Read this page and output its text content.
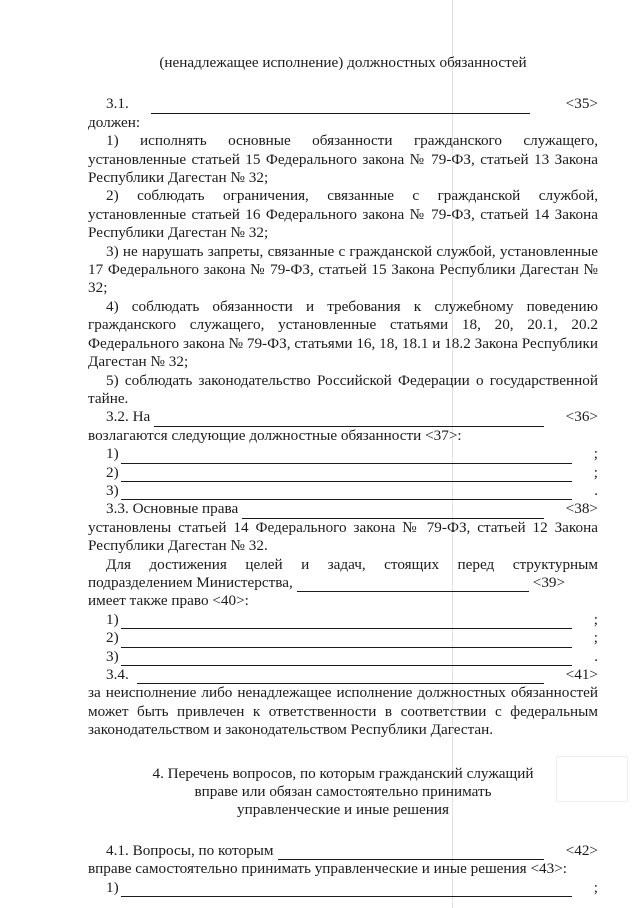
(ненадлежащее исполнение) должностных обязанностей

3.1.	<35>

должен:

1) исполнять основные обязанности гражданского служащего, установленные статьей 15 Федерального закона № 79-ФЗ, статьей 13 Закона Республики Дагестан № 32;

2) соблюдать ограничения, связанные с гражданской службой, установленные статьей 16 Федерального закона № 79-ФЗ, статьей 14 Закона Республики Дагестан № 32;

3) не нарушать запреты, связанные с гражданской службой, установленные 17 Федерального закона № 79-ФЗ, статьей 15 Закона Республики Дагестан № 32;

4) соблюдать обязанности и требования к служебному поведению гражданского служащего, установленные статьями 18, 20, 20.1, 20.2 Федерального закона № 79-ФЗ, статьями 16, 18, 18.1 и 18.2 Закона Республики Дагестан № 32;

5) соблюдать законодательство Российской Федерации о государственной тайне.

3.2. На	<36>

возлагаются следующие должностные обязанности <37>:

1)	;
2)	;
3)	.
3.3. Основные права	<38>

установлены статьей 14 Федерального закона № 79-ФЗ, статьей 12 Закона Республики Дагестан № 32.

Для достижения целей и задач, стоящих перед структурным

подразделением Министерства,	<39>

имеет также право <40>:

1)	;
2)	;
3)	.
3.4.	<41>

за неисполнение либо ненадлежащее исполнение должностных обязанностей может быть привлечен к ответственности в соответствии с федеральным законодательством и законодательством Республики Дагестан.

4. Перечень вопросов, по которым гражданский служащий

вправе или обязан самостоятельно принимать

управленческие и иные решения

4.1. Вопросы, по которым	<42>

вправе самостоятельно принимать управленческие и иные решения <43>:

1)	;
